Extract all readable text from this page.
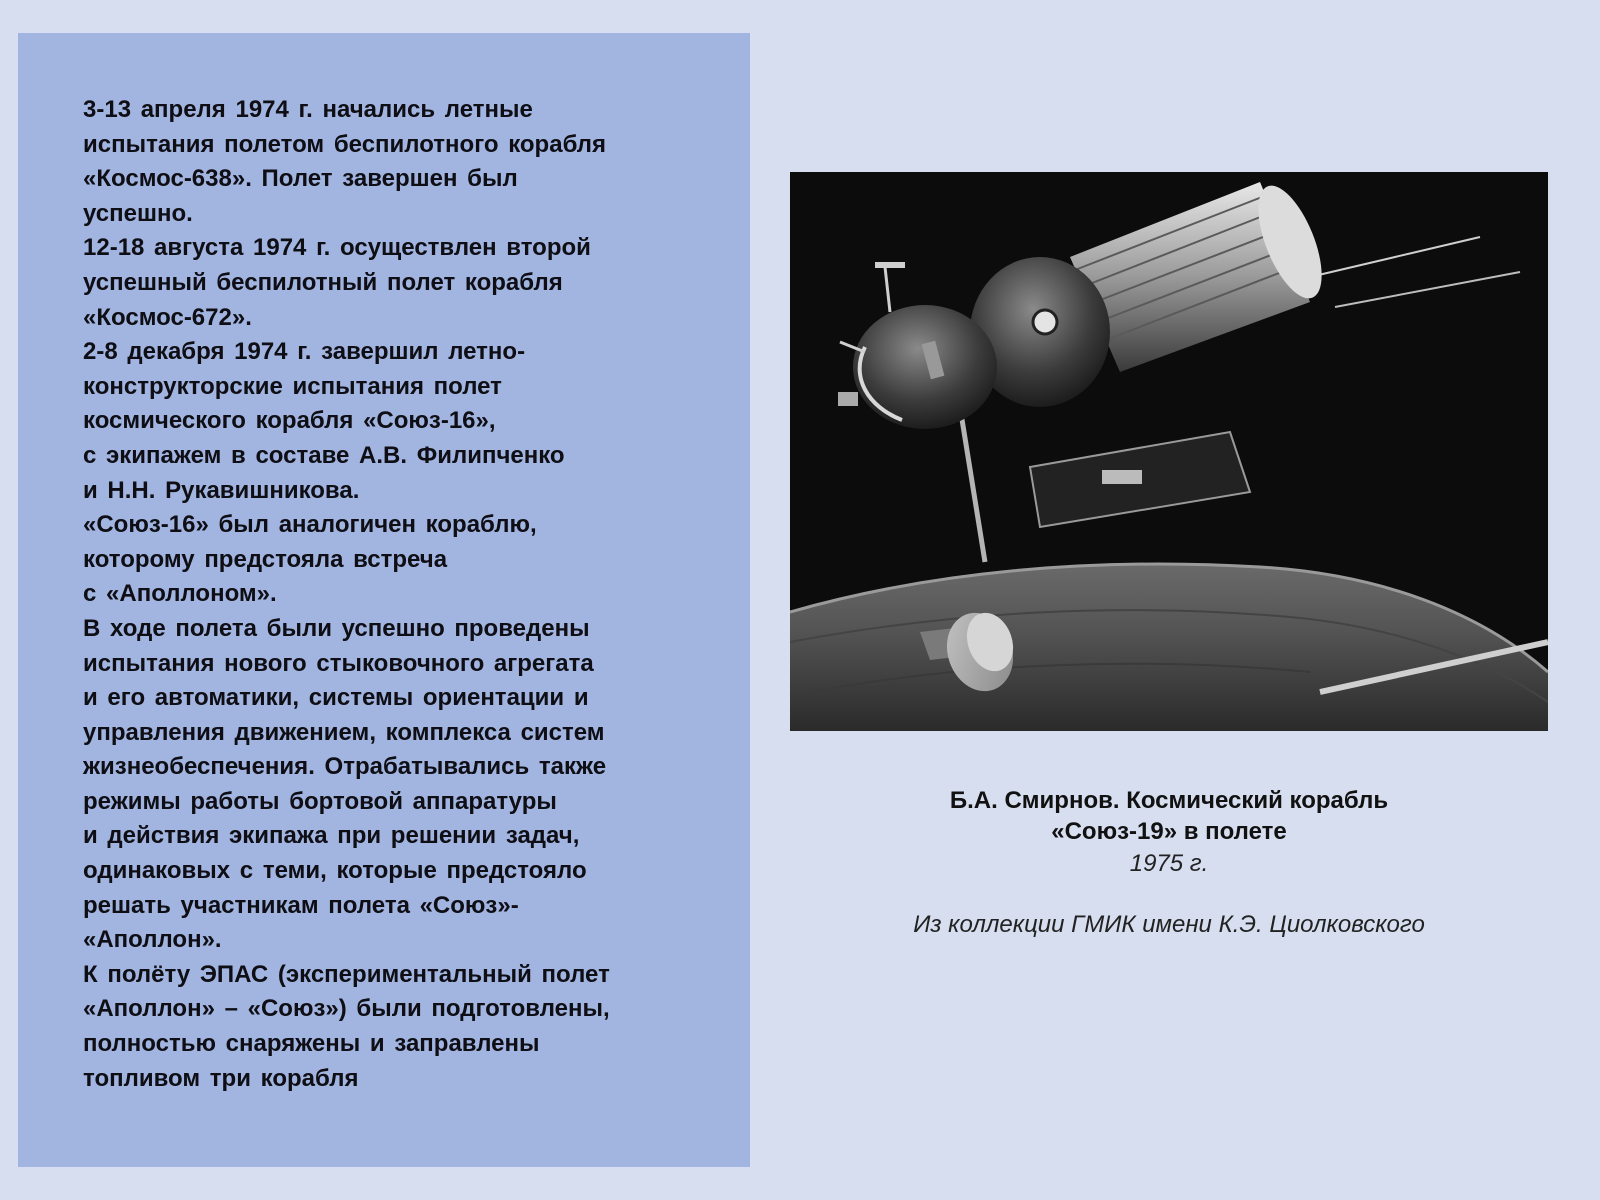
3-13 апреля 1974 г. начались летные
испытания полетом беспилотного корабля
«Космос-638». Полет завершен был
успешно.
12-18 августа 1974 г. осуществлен второй
успешный беспилотный полет корабля
«Космос-672».
2-8 декабря 1974 г. завершил летно-
конструкторские испытания полет
космического корабля «Союз-16»,
с экипажем в составе А.В. Филипченко
и Н.Н. Рукавишникова.
«Союз-16» был аналогичен кораблю,
которому предстояла встреча
с «Аполлоном».
В ходе полета были успешно проведены
испытания нового стыковочного агрегата
и его автоматики, системы ориентации и
управления движением, комплекса систем
жизнеобеспечения. Отрабатывались также
режимы работы бортовой аппаратуры
и действия экипажа при решении задач,
одинаковых с теми, которые предстояло
решать участникам полета «Союз»-
«Аполлон».
К полёту ЭПАС (экспериментальный полет
«Аполлон» – «Союз») были подготовлены,
полностью снаряжены и заправлены
топливом три корабля
Б.А. Смирнов. Космический корабль
«Союз-19» в полете
1975 г.
Из коллекции ГМИК имени К.Э. Циолковского
